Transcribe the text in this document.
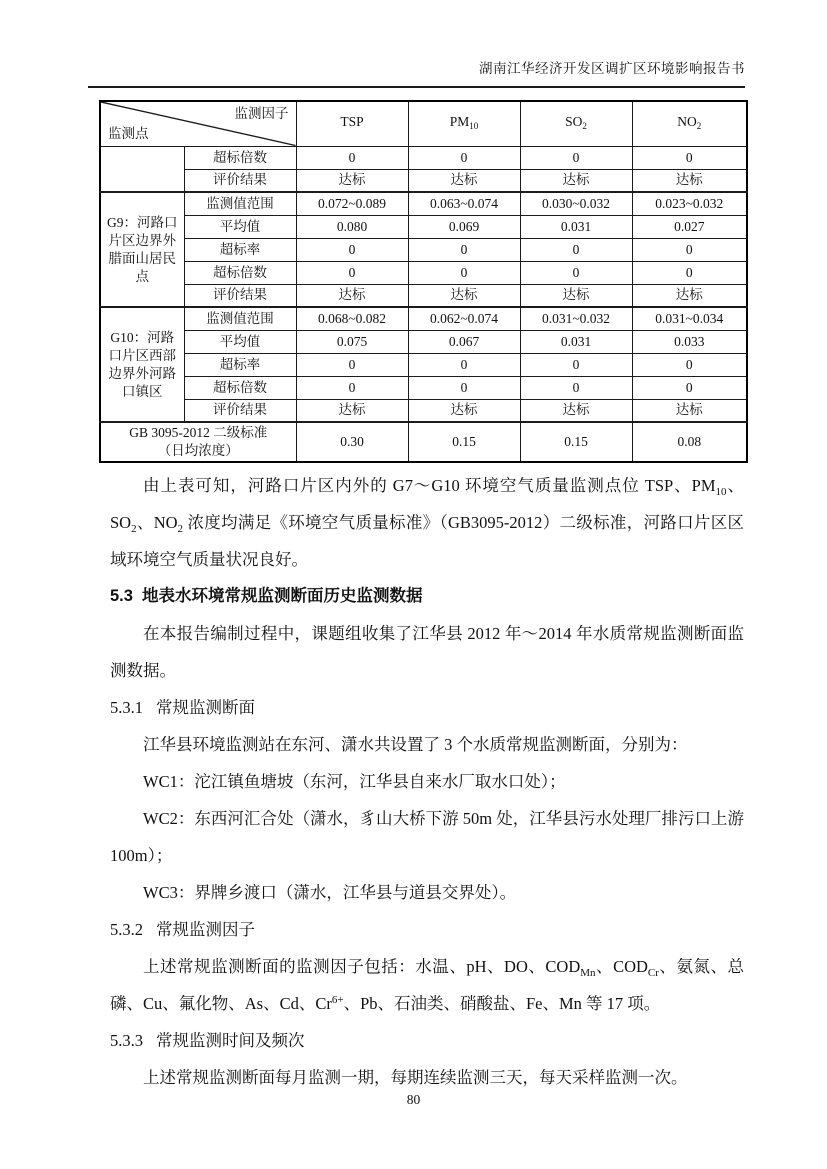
湖南江华经济开发区调扩区环境影响报告书
监测因子
监测点		TSP	$PM_{10}$	$SO_2$	$NO_2$
	超标倍数	0	0	0	0
	评价结果	达标	达标	达标	达标
G9：河路口片区边界外腊面山居民点	监测值范围	0.072~0.089	0.063~0.074	0.030~0.032	0.023~0.032
	平均值	0.080	0.069	0.031	0.027
	超标率	0	0	0	0
	超标倍数	0	0	0	0
	评价结果	达标	达标	达标	达标
G10：河路口片区西部边界外河路口镇区	监测值范围	0.068~0.082	0.062~0.074	0.031~0.032	0.031~0.034
	平均值	0.075	0.067	0.031	0.033
	超标率	0	0	0	0
	超标倍数	0	0	0	0
	评价结果	达标	达标	达标	达标

GB 3095-2012 二级标准
（日均浓度）		0.30	0.15	0.15	0.08

由上表可知，河路口片区内外的 G7～G10 环境空气质量监测点位 TSP、$PM_{10}$、$SO_2$、$NO_2$ 浓度均满足《环境空气质量标准》（GB3095-2012）二级标准，河路口片区区域环境空气质量状况良好。

5.3 地表水环境常规监测断面历史监测数据

在本报告编制过程中，课题组收集了江华县 2012 年～2014 年水质常规监测断面监测数据。

5.3.1 常规监测断面

江华县环境监测站在东河、潇水共设置了 3 个水质常规监测断面，分别为：

WC1：沱江镇鱼塘坡（东河，江华县自来水厂取水口处）；

WC2：东西河汇合处（潇水，豸山大桥下游 50m 处，江华县污水处理厂排污口上游 100m）；

WC3：界牌乡渡口（潇水，江华县与道县交界处）。

5.3.2 常规监测因子

上述常规监测断面的监测因子包括：水温、pH、DO、$COD_{Mn}$、$COD_{Cr}$、氨氮、总磷、Cu、氟化物、As、Cd、$Cr^{6+}$、Pb、石油类、硝酸盐、Fe、Mn 等 17 项。

5.3.3 常规监测时间及频次

上述常规监测断面每月监测一期，每期连续监测三天，每天采样监测一次。

80
